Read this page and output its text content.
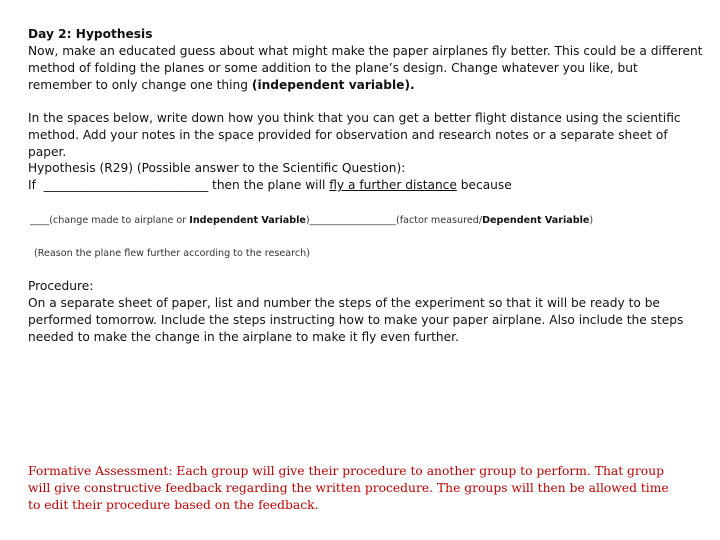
Day 2: Hypothesis
Now, make an educated guess about what might make the paper airplanes fly better. This could be a different method of folding the planes or some addition to the plane’s design. Change whatever you like, but remember to only change one thing (independent variable).
In the spaces below, write down how you think that you can get a better flight distance using the scientific method. Add your notes in the space provided for observation and research notes or a separate sheet of paper.
Hypothesis (R29) (Possible answer to the Scientific Question):
If ___________________________ then the plane will fly a further distance because
____(change made to airplane or Independent Variable)__________________(factor measured/Dependent Variable)
(Reason the plane flew further according to the research)
Procedure:
On a separate sheet of paper, list and number the steps of the experiment so that it will be ready to be performed tomorrow. Include the steps instructing how to make your paper airplane. Also include the steps needed to make the change in the airplane to make it fly even further.
Formative Assessment: Each group will give their procedure to another group to perform. That group will give constructive feedback regarding the written procedure. The groups will then be allowed time to edit their procedure based on the feedback.
